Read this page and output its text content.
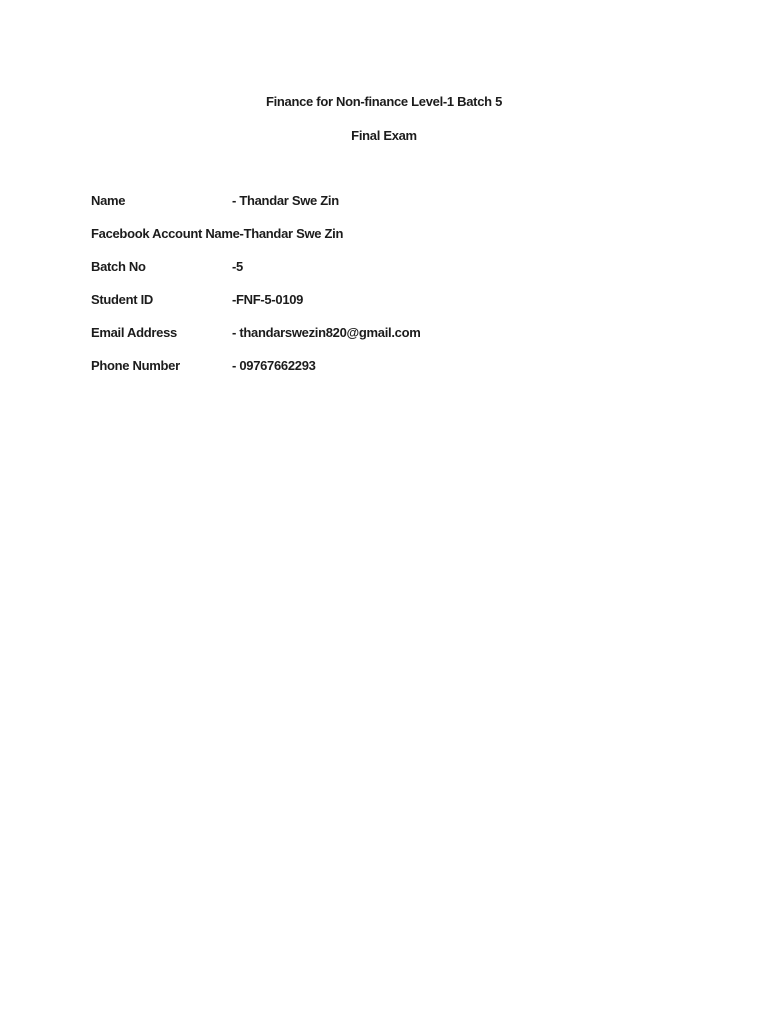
Finance for Non-finance Level-1 Batch 5
Final Exam
Name	- Thandar Swe Zin
Facebook Account Name -Thandar Swe Zin
Batch No	-5
Student ID	-FNF-5-0109
Email Address	- thandarswezin820@gmail.com
Phone Number	- 09767662293
